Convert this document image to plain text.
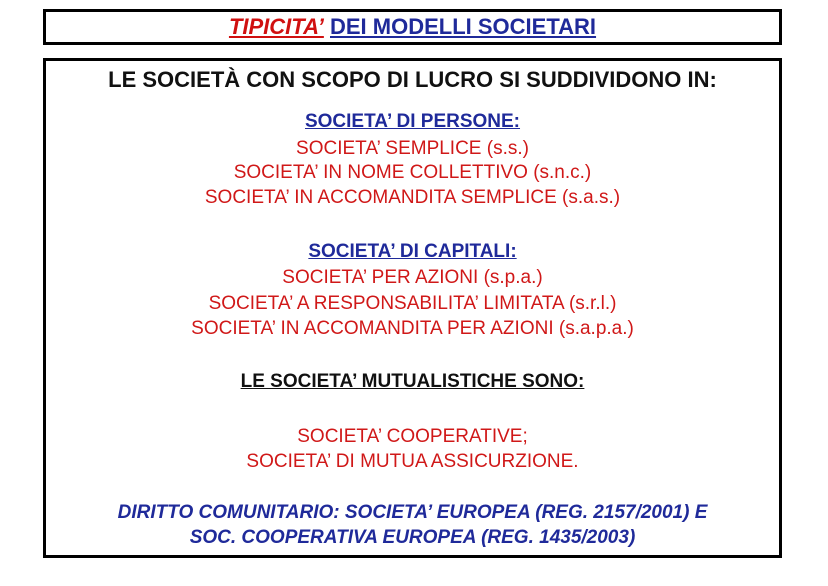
TIPICITA’ DEI MODELLI SOCIETARI
LE SOCIETÀ CON SCOPO DI LUCRO SI SUDDIVIDONO IN:
SOCIETA’ DI PERSONE:
SOCIETA’ SEMPLICE (s.s.)
SOCIETA’ IN NOME COLLETTIVO (s.n.c.)
SOCIETA’ IN ACCOMANDITA SEMPLICE (s.a.s.)
SOCIETA’ DI CAPITALI:
SOCIETA’ PER AZIONI (s.p.a.)
SOCIETA’ A RESPONSABILITA’ LIMITATA (s.r.l.)
SOCIETA’ IN ACCOMANDITA PER AZIONI (s.a.p.a.)
LE SOCIETA’ MUTUALISTICHE SONO:
SOCIETA’ COOPERATIVE;
SOCIETA’ DI MUTUA ASSICURZIONE.
DIRITTO COMUNITARIO: SOCIETA’ EUROPEA (REG. 2157/2001) E
SOC. COOPERATIVA EUROPEA (REG. 1435/2003)
